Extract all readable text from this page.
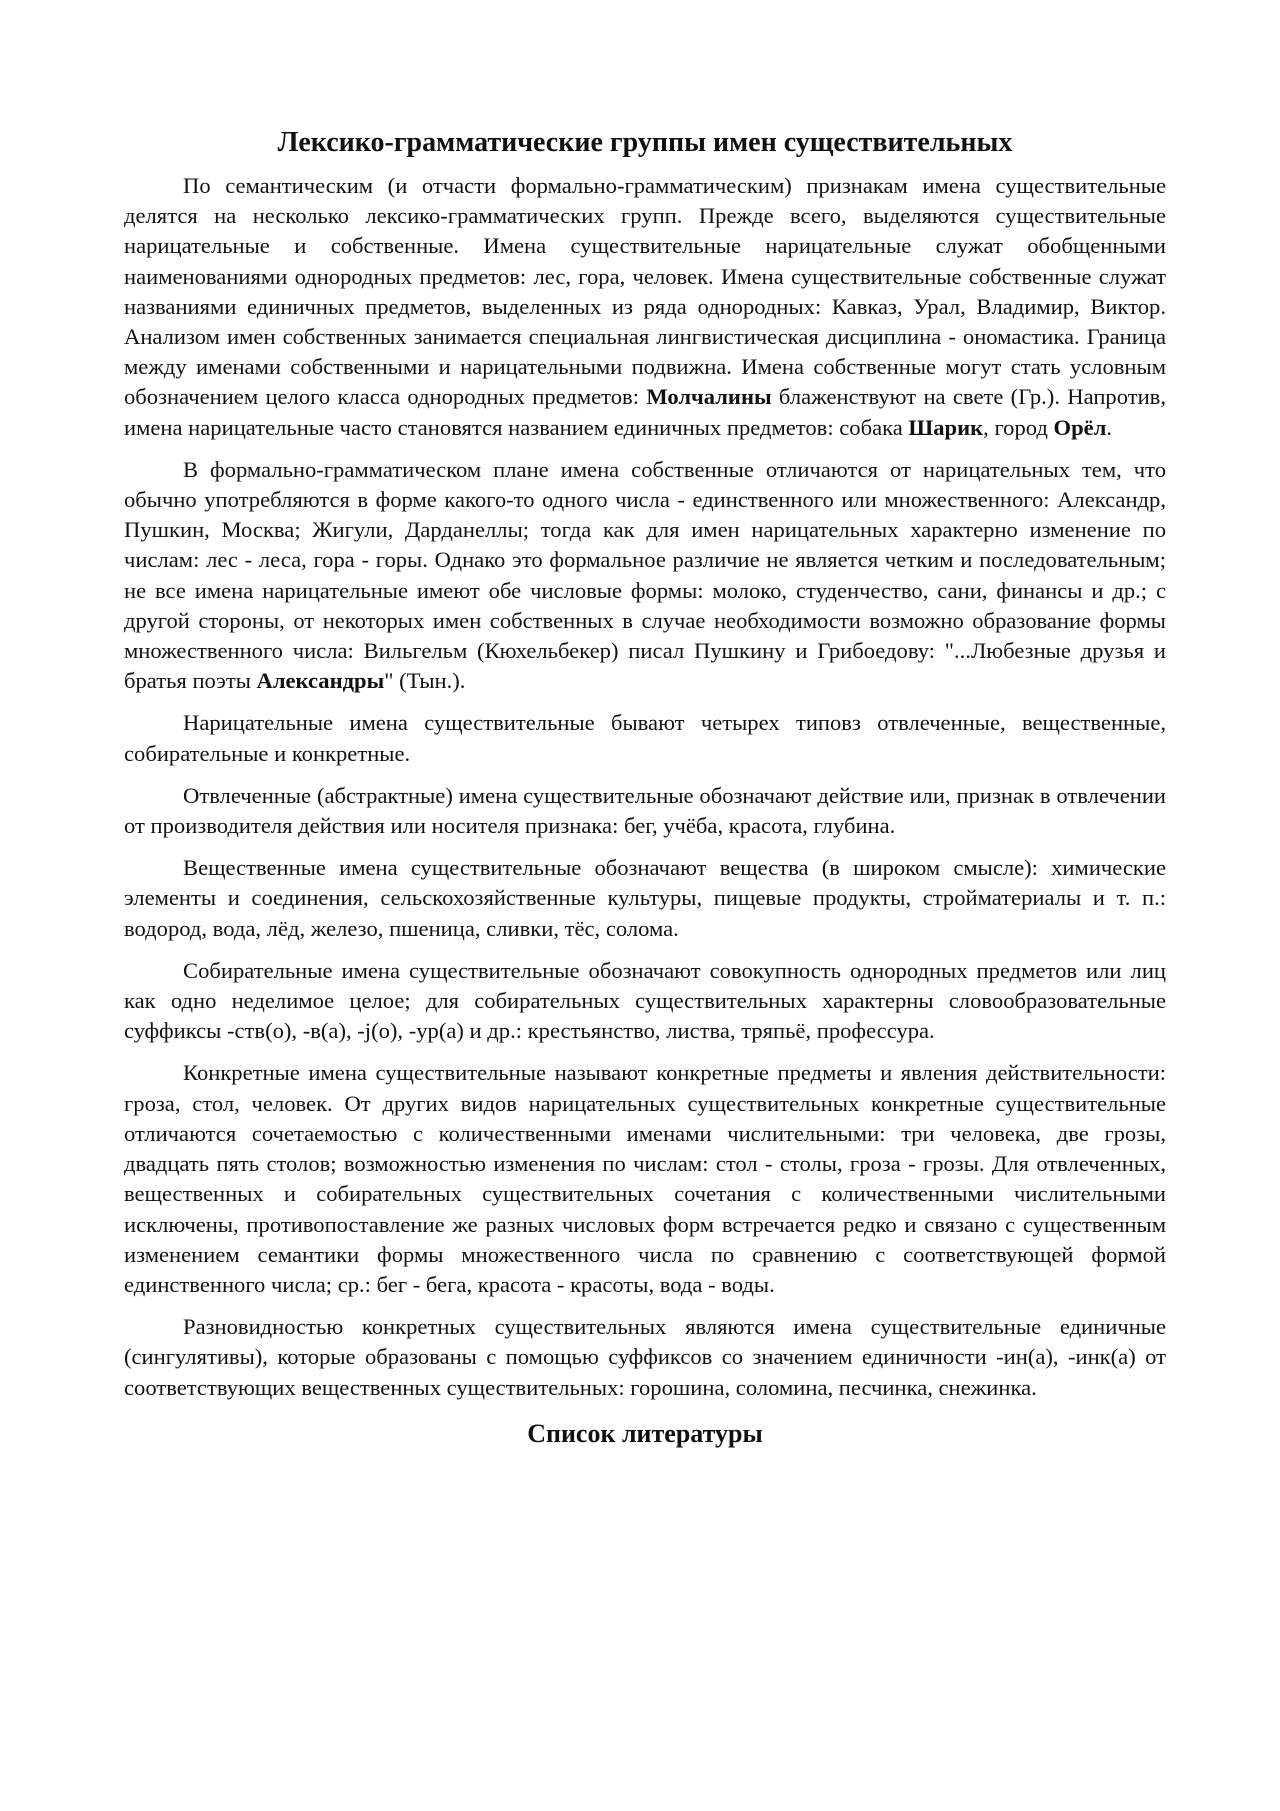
Лексико-грамматические группы имен существительных

По семантическим (и отчасти формально-грамматическим) признакам имена существительные делятся на несколько лексико-грамматических групп. Прежде всего, выделяются существительные нарицательные и собственные. Имена существительные нарицательные служат обобщенными наименованиями однородных предметов: лес, гора, человек. Имена существительные собственные служат названиями единичных предметов, выделенных из ряда однородных: Кавказ, Урал, Владимир, Виктор. Анализом имен собственных занимается специальная лингвистическая дисциплина - ономастика. Граница между именами собственными и нарицательными подвижна. Имена собственные могут стать условным обозначением целого класса однородных предметов: Молчалины блаженствуют на свете (Гр.). Напротив, имена нарицательные часто становятся названием единичных предметов: собака Шарик, город Орёл.

В формально-грамматическом плане имена собственные отличаются от нарицательных тем, что обычно употребляются в форме какого-то одного числа - единственного или множественного: Александр, Пушкин, Москва; Жигули, Дарданеллы; тогда как для имен нарицательных характерно изменение по числам: лес - леса, гора - горы. Однако это формальное различие не является четким и последовательным; не все имена нарицательные имеют обе числовые формы: молоко, студенчество, сани, финансы и др.; с другой стороны, от некоторых имен собственных в случае необходимости возможно образование формы множественного числа: Вильгельм (Кюхельбекер) писал Пушкину и Грибоедову: "...Любезные друзья и братья поэты Александры" (Тын.).

Нарицательные имена существительные бывают четырех типовз отвлеченные, вещественные, собирательные и конкретные.

Отвлеченные (абстрактные) имена существительные обозначают действие или, признак в отвлечении от производителя действия или носителя признака: бег, учёба, красота, глубина.

Вещественные имена существительные обозначают вещества (в широком смысле): химические элементы и соединения, сельскохозяйственные культуры, пищевые продукты, стройматериалы и т. п.: водород, вода, лёд, железо, пшеница, сливки, тёс, солома.

Собирательные имена существительные обозначают совокупность однородных предметов или лиц как одно неделимое целое; для собирательных существительных характерны словообразовательные суффиксы -ств(о), -в(а), -j(о), -ур(а) и др.: крестьянство, листва, тряпьё, профессура.

Конкретные имена существительные называют конкретные предметы и явления действительности: гроза, стол, человек. От других видов нарицательных существительных конкретные существительные отличаются сочетаемостью с количественными именами числительными: три человека, две грозы, двадцать пять столов; возможностью изменения по числам: стол - столы, гроза - грозы. Для отвлеченных, вещественных и собирательных существительных сочетания с количественными числительными исключены, противопоставление же разных числовых форм встречается редко и связано с существенным изменением семантики формы множественного числа по сравнению с соответствующей формой единственного числа; ср.: бег - бега, красота - красоты, вода - воды.

Разновидностью конкретных существительных являются имена существительные единичные (сингулятивы), которые образованы с помощью суффиксов со значением единичности -ин(а), -инк(а) от соответствующих вещественных существительных: горошина, соломина, песчинка, снежинка.

Список литературы
